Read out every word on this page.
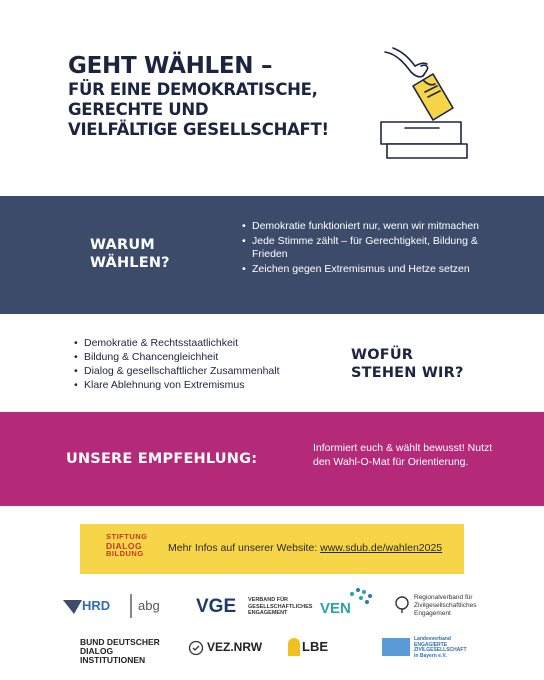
GEHT WÄHLEN –
FÜR EINE DEMOKRATISCHE,
GERECHTE UND
VIELFÄLTIGE GESELLSCHAFT!
WARUM
WÄHLEN?
• Demokratie funktioniert nur, wenn wir mitmachen
• Jede Stimme zählt – für Gerechtigkeit, Bildung & Frieden
• Zeichen gegen Extremismus und Hetze setzen
• Demokratie & Rechtsstaatlichkeit
• Bildung & Chancengleichheit
• Dialog & gesellschaftlicher Zusammenhalt
• Klare Ablehnung von Extremismus
WOFÜR
STEHEN WIR?
UNSERE EMPFEHLUNG:

Informiert euch & wählt bewusst! Nutzt den Wahl-O-Mat für Orientierung.

STIFTUNG
DIALOG
BILDUNG	Mehr Infos auf unserer Website: www.sdub.de/wahlen2025
HRD abg VGE VERBAND FÜR
GESELLSCHAFTLICHES
ENGAGEMENT	VEN
Regionalverband für
Zivilgesellschaftliches
Engagement
BUND DEUTSCHER
DIALOG INSTITUTIONEN
VEZ.NRW	LBE	Landesverband
ENGAGIERTE
ZIVILGESELLSCHAFT
in Bayern e.V.
